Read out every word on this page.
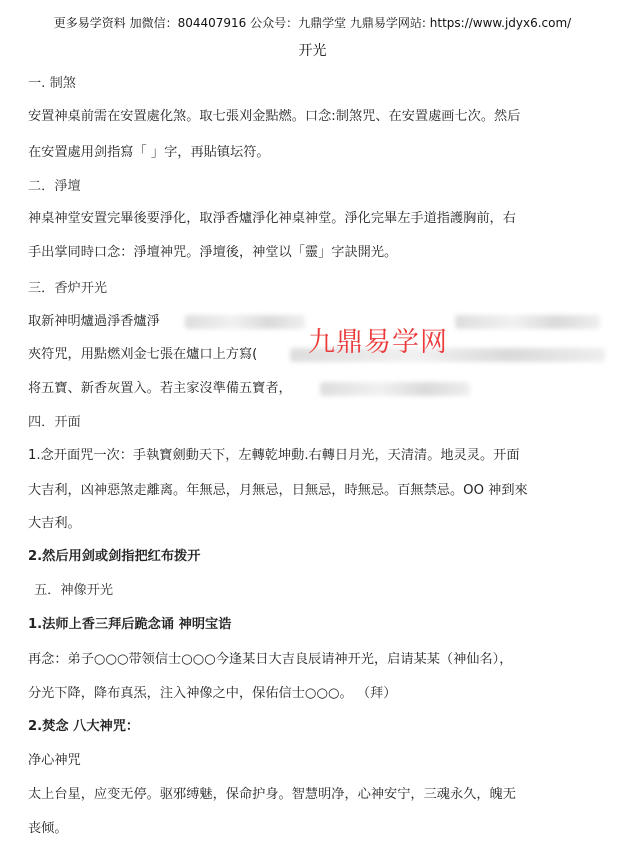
更多易学资料 加微信：804407916 公众号：九鼎学堂 九鼎易学网站: https://www.jdyx6.com/
开光
一. 制煞
安置神桌前需在安置處化煞。取七張刈金點燃。口念:制煞咒、在安置處画七次。然后
在安置處用剑指寫「 」字，再貼镇坛符。
二．淨壇
神桌神堂安置完畢後要淨化，取淨香爐淨化神桌神堂。淨化完畢左手道指護胸前，右
手出掌同時口念：淨壇神咒。淨壇後，神堂以「靈」字訣開光。
三．香炉开光
取新神明爐過淨香爐淨
夾符咒，用點燃刈金七張在爐口上方寫(
将五寶、新香灰置入。若主家沒準備五寶者，
九鼎易学网
四．开面
1.念开面咒一次：手執寶劍動天下，左轉乾坤動.右轉日月光，天清清。地灵灵。开面
大吉利，凶神惡煞走離离。年無忌，月無忌，日無忌，時無忌。百無禁忌。OO 神到來
大吉利。
2.然后用剑或剑指把红布拨开
五．神像开光
1.法师上香三拜后跪念诵 神明宝诰
再念：弟子○○○带领信士○○○今逢某日大吉良辰请神开光，启请某某（神仙名），
分光下降，降布真炁，注入神像之中，保佑信士○○○。 （拜）
2.焚念 八大神咒：
净心神咒
太上台星，应变无停。驱邪缚魅，保命护身。智慧明净，心神安宁，三魂永久，魄无
丧倾。
